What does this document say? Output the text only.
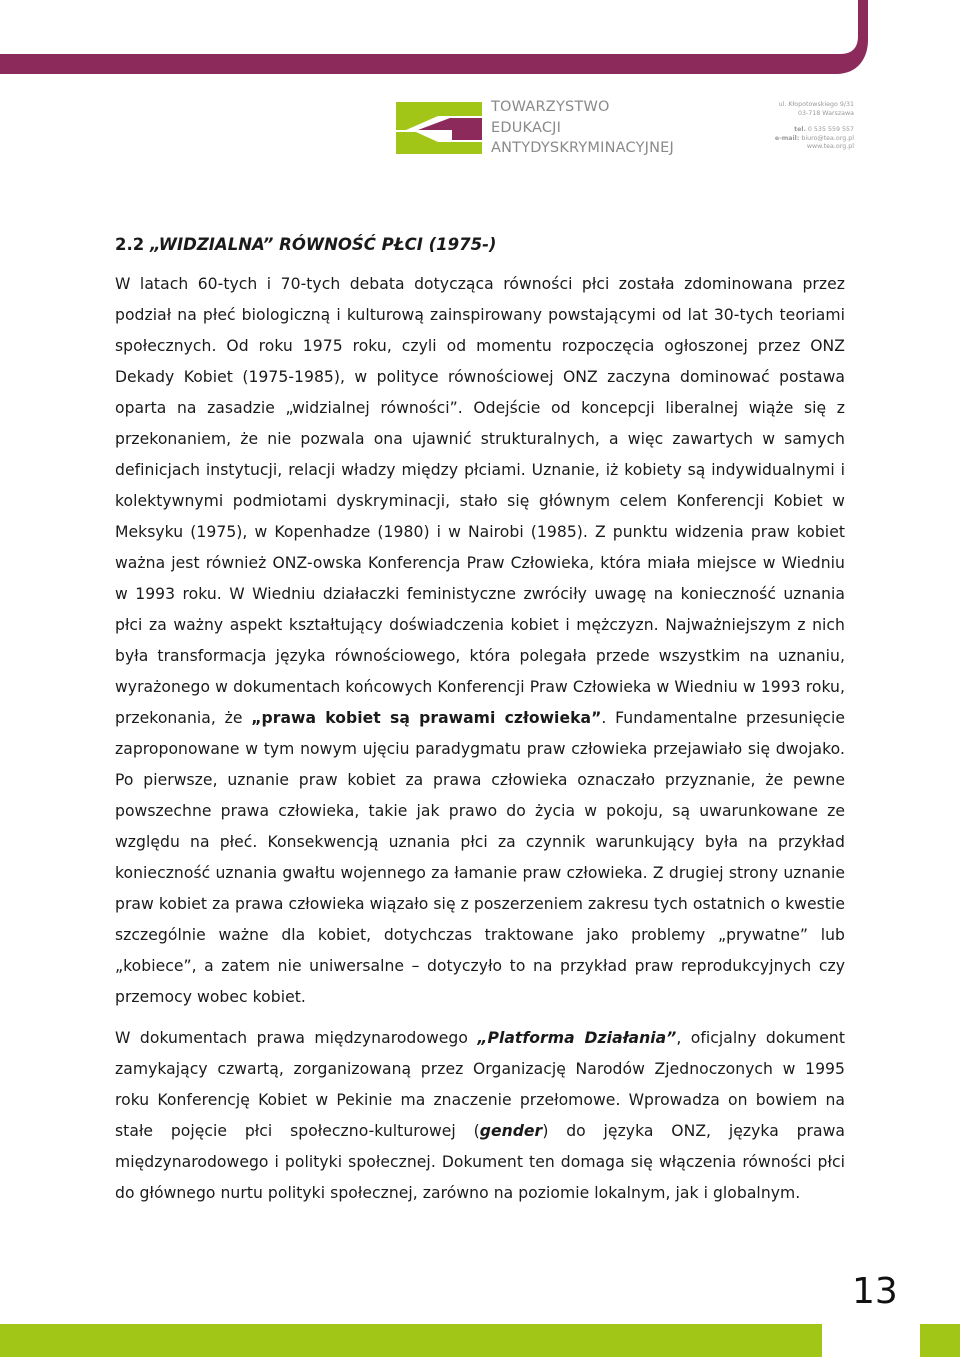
TOWARZYSTWO
EDUKACJI
ANTYDYSKRYMINACYJNEJ
ul. Kłopotowskiego 9/31
03-718 Warszawa
tel. 0 535 559 557
e-mail: biuro@tea.org.pl
www.tea.org.pl
2.2 „WIDZIALNA” RÓWNOŚĆ PŁCI (1975-)

W latach 60-tych i 70-tych debata dotycząca równości płci została zdominowana przez podział na płeć biologiczną i kulturową zainspirowany powstającymi od lat 30-tych teoriami społecznych. Od roku 1975 roku, czyli od momentu rozpoczęcia ogłoszonej przez ONZ Dekady Kobiet (1975-1985), w polityce równościowej ONZ zaczyna dominować postawa oparta na zasadzie „widzialnej równości”. Odejście od koncepcji liberalnej wiąże się z przekonaniem, że nie pozwala ona ujawnić strukturalnych, a więc zawartych w samych definicjach instytucji, relacji władzy między płciami. Uznanie, iż kobiety są indywidualnymi i kolektywnymi podmiotami dyskryminacji, stało się głównym celem Konferencji Kobiet w Meksyku (1975), w Kopenhadze (1980) i w Nairobi (1985). Z punktu widzenia praw kobiet ważna jest również ONZ-owska Konferencja Praw Człowieka, która miała miejsce w Wiedniu w 1993 roku. W Wiedniu działaczki feministyczne zwróciły uwagę na konieczność uznania płci za ważny aspekt kształtujący doświadczenia kobiet i mężczyzn. Najważniejszym z nich była transformacja języka równościowego, która polegała przede wszystkim na uznaniu, wyrażonego w dokumentach końcowych Konferencji Praw Człowieka w Wiedniu w 1993 roku, przekonania, że „prawa kobiet są prawami człowieka”. Fundamentalne przesunięcie zaproponowane w tym nowym ujęciu paradygmatu praw człowieka przejawiało się dwojako. Po pierwsze, uznanie praw kobiet za prawa człowieka oznaczało przyznanie, że pewne powszechne prawa człowieka, takie jak prawo do życia w pokoju, są uwarunkowane ze względu na płeć. Konsekwencją uznania płci za czynnik warunkujący była na przykład konieczność uznania gwałtu wojennego za łamanie praw człowieka. Z drugiej strony uznanie praw kobiet za prawa człowieka wiązało się z poszerzeniem zakresu tych ostatnich o kwestie szczególnie ważne dla kobiet, dotychczas traktowane jako problemy „prywatne” lub „kobiece”, a zatem nie uniwersalne – dotyczyło to na przykład praw reprodukcyjnych czy przemocy wobec kobiet.

W dokumentach prawa międzynarodowego „Platforma Działania”, oficjalny dokument zamykający czwartą, zorganizowaną przez Organizację Narodów Zjednoczonych w 1995 roku Konferencję Kobiet w Pekinie ma znaczenie przełomowe. Wprowadza on bowiem na stałe pojęcie płci społeczno-kulturowej (gender) do języka ONZ, języka prawa międzynarodowego i polityki społecznej. Dokument ten domaga się włączenia równości płci do głównego nurtu polityki społecznej, zarówno na poziomie lokalnym, jak i globalnym.

13
